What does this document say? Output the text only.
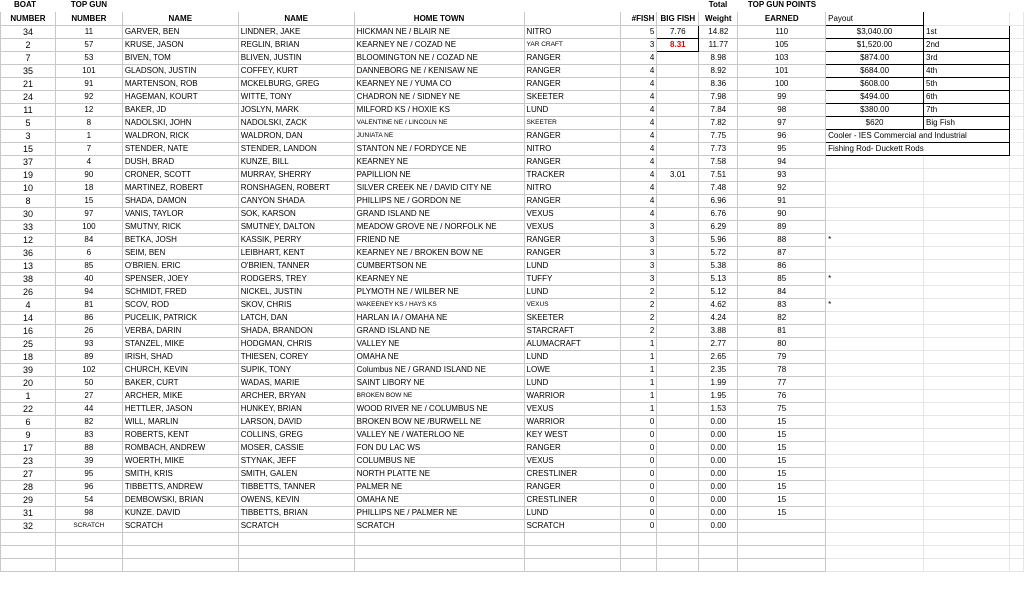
BOAT	TOP GUN	Total	TOP GUN POINTS
NUMBER	NUMBER	NAME	NAME	HOME TOWN		#FISH	BIG FISH	Weight	EARNED	Payout		
34	11	GARVER, BEN	LINDNER, JAKE	HICKMAN NE / BLAIR NE	NITRO	5	7.76	14.82	110	$3,040.00	1st	
2	57	KRUSE, JASON	REGLIN, BRIAN	KEARNEY NE / COZAD NE	YAR CRAFT	3	8.31	11.77	105	$1,520.00	2nd	
7	53	BIVEN, TOM	BLIVEN, JUSTIN	BLOOMINGTON NE / COZAD NE	RANGER	4		8.98	103	$874.00	3rd	
35	101	GLADSON, JUSTIN	COFFEY, KURT	DANNEBORG NE / KENISAW NE	RANGER	4		8.92	101	$684.00	4th	
21	91	MARTENSON, ROB	MCKELBURG, GREG	KEARNEY NE / YUMA CO	RANGER	4		8.36	100	$608.00	5th	
24	92	HAGEMAN, KOURT	WITTE, TONY	CHADRON NE / SIDNEY NE	SKEETER	4		7.98	99	$494.00	6th	
11	12	BAKER, JD	JOSLYN, MARK	MILFORD KS / HOXIE KS	LUND	4		7.84	98	$380.00	7th	
5	8	NADOLSKI, JOHN	NADOLSKI, ZACK	VALENTINE NE / LINCOLN NE	SKEETER	4		7.82	97	$620	Big Fish	
3	1	WALDRON, RICK	WALDRON, DAN	JUNIATA NE	RANGER	4		7.75	96	Cooler - IES Commercial and Industrial		
15	7	STENDER, NATE	STENDER, LANDON	STANTON NE / FORDYCE NE	NITRO	4		7.73	95	Fishing Rod- Duckett Rods		
37	4	DUSH, BRAD	KUNZE, BILL	KEARNEY NE	RANGER	4		7.58	94			
19	90	CRONER, SCOTT	MURRAY, SHERRY	PAPILLION NE	TRACKER	4	3.01	7.51	93			
10	18	MARTINEZ, ROBERT	RONSHAGEN, ROBERT	SILVER CREEK NE / DAVID CITY NE	NITRO	4		7.48	92			
8	15	SHADA, DAMON	CANYON SHADA	PHILLIPS NE / GORDON NE	RANGER	4		6.96	91			
30	97	VANIS, TAYLOR	SOK, KARSON	GRAND ISLAND NE	VEXUS	4		6.76	90			
33	100	SMUTNY, RICK	SMUTNEY, DALTON	MEADOW GROVE NE / NORFOLK NE	VEXUS	3		6.29	89			
12	84	BETKA, JOSH	KASSIK, PERRY	FRIEND NE	RANGER	3		5.96	88	*		
36	6	SEIM, BEN	LEIBHART, KENT	KEARNEY NE / BROKEN BOW NE	RANGER	3		5.72	87			
13	85	O'BRIEN. ERIC	O'BRIEN, TANNER	CUMBERTSON NE	LUND	3		5.38	86			
38	40	SPENSER, JOEY	RODGERS, TREY	KEARNEY NE	TUFFY	3		5.13	85	*		
26	94	SCHMIDT, FRED	NICKEL, JUSTIN	PLYMOTH NE / WILBER NE	LUND	2		5.12	84			
4	81	SCOV, ROD	SKOV, CHRIS	WAKEENEY KS / HAYS KS	VEXUS	2		4.62	83	*		
14	86	PUCELIK, PATRICK	LATCH, DAN	HARLAN IA / OMAHA NE	SKEETER	2		4.24	82			
16	26	VERBA, DARIN	SHADA, BRANDON	GRAND ISLAND NE	STARCRAFT	2		3.88	81			
25	93	STANZEL, MIKE	HODGMAN, CHRIS	VALLEY NE	ALUMACRAFT	1		2.77	80			
18	89	IRISH, SHAD	THIESEN, COREY	OMAHA NE	LUND	1		2.65	79			
39	102	CHURCH, KEVIN	SUPIK, TONY	Columbus NE / GRAND ISLAND NE	LOWE	1		2.35	78			
20	50	BAKER, CURT	WADAS, MARIE	SAINT LIBORY NE	LUND	1		1.99	77			
1	27	ARCHER, MIKE	ARCHER, BRYAN	BROKEN BOW NE	WARRIOR	1		1.95	76			
22	44	HETTLER, JASON	HUNKEY, BRIAN	WOOD RIVER NE / COLUMBUS NE	VEXUS	1		1.53	75			
6	82	WILL, MARLIN	LARSON, DAVID	BROKEN BOW NE /BURWELL NE	WARRIOR	0		0.00	15			
9	83	ROBERTS, KENT	COLLINS, GREG	VALLEY NE / WATERLOO NE	KEY WEST	0		0.00	15			
17	88	ROMBACH, ANDREW	MOSER, CASSIE	FON DU LAC WS	RANGER	0		0.00	15			
23	39	WOERTH, MIKE	STYNAK, JEFF	COLUMBUS NE	VEXUS	0		0.00	15			
27	95	SMITH, KRIS	SMITH, GALEN	NORTH PLATTE NE	CRESTLINER	0		0.00	15			
28	96	TIBBETTS, ANDREW	TIBBETTS, TANNER	PALMER NE	RANGER	0		0.00	15			
29	54	DEMBOWSKI, BRIAN	OWENS, KEVIN	OMAHA NE	CRESTLINER	0		0.00	15			
31	98	KUNZE. DAVID	TIBBETTS, BRIAN	PHILLIPS NE / PALMER NE	LUND	0		0.00	15			
32	SCRATCH	SCRATCH	SCRATCH	SCRATCH	SCRATCH	0		0.00				
